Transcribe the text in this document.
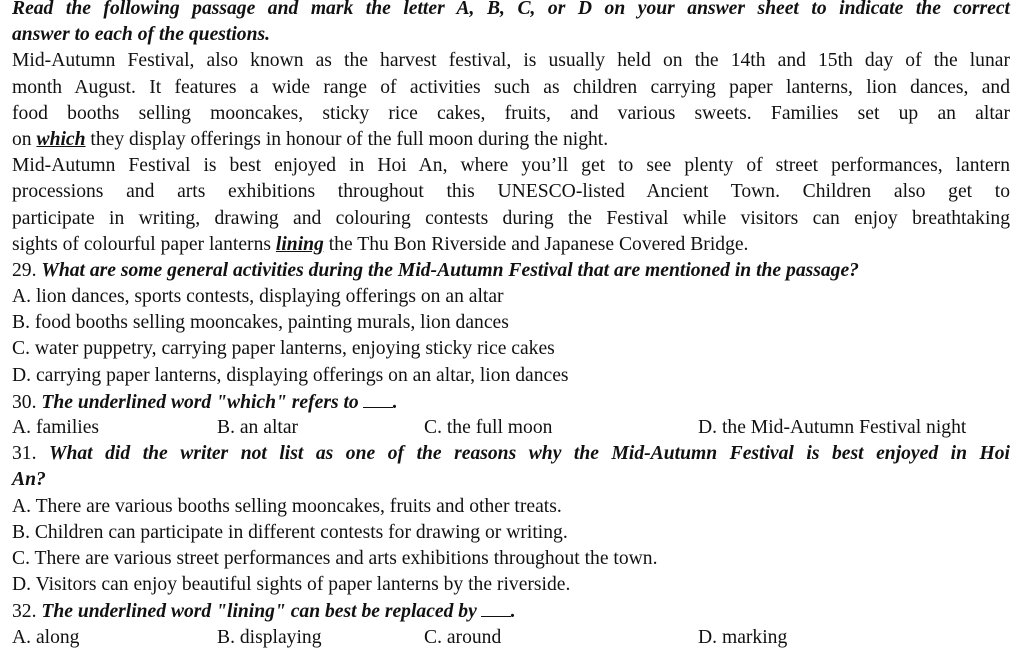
Read the following passage and mark the letter A, B, C, or D on your answer sheet to indicate the correct
answer to each of the questions.
Mid-Autumn Festival, also known as the harvest festival, is usually held on the 14th and 15th day of the lunar
month August. It features a wide range of activities such as children carrying paper lanterns, lion dances, and
food booths selling mooncakes, sticky rice cakes, fruits, and various sweets. Families set up an altar
on which they display offerings in honour of the full moon during the night.
Mid-Autumn Festival is best enjoyed in Hoi An, where you’ll get to see plenty of street performances, lantern
processions and arts exhibitions throughout this UNESCO-listed Ancient Town. Children also get to
participate in writing, drawing and colouring contests during the Festival while visitors can enjoy breathtaking
sights of colourful paper lanterns lining the Thu Bon Riverside and Japanese Covered Bridge.
29. What are some general activities during the Mid-Autumn Festival that are mentioned in the passage?
A. lion dances, sports contests, displaying offerings on an altar
B. food booths selling mooncakes, painting murals, lion dances
C. water puppetry, carrying paper lanterns, enjoying sticky rice cakes
D. carrying paper lanterns, displaying offerings on an altar, lion dances
30. The underlined word "which" refers to .
A. families	B. an altar	C. the full moon	D. the Mid-Autumn Festival night
31. What did the writer not list as one of the reasons why the Mid-Autumn Festival is best enjoyed in Hoi
An?
A. There are various booths selling mooncakes, fruits and other treats.
B. Children can participate in different contests for drawing or writing.
C. There are various street performances and arts exhibitions throughout the town.
D. Visitors can enjoy beautiful sights of paper lanterns by the riverside.
32. The underlined word "lining" can best be replaced by .
A. along	B. displaying	C. around	D. marking
